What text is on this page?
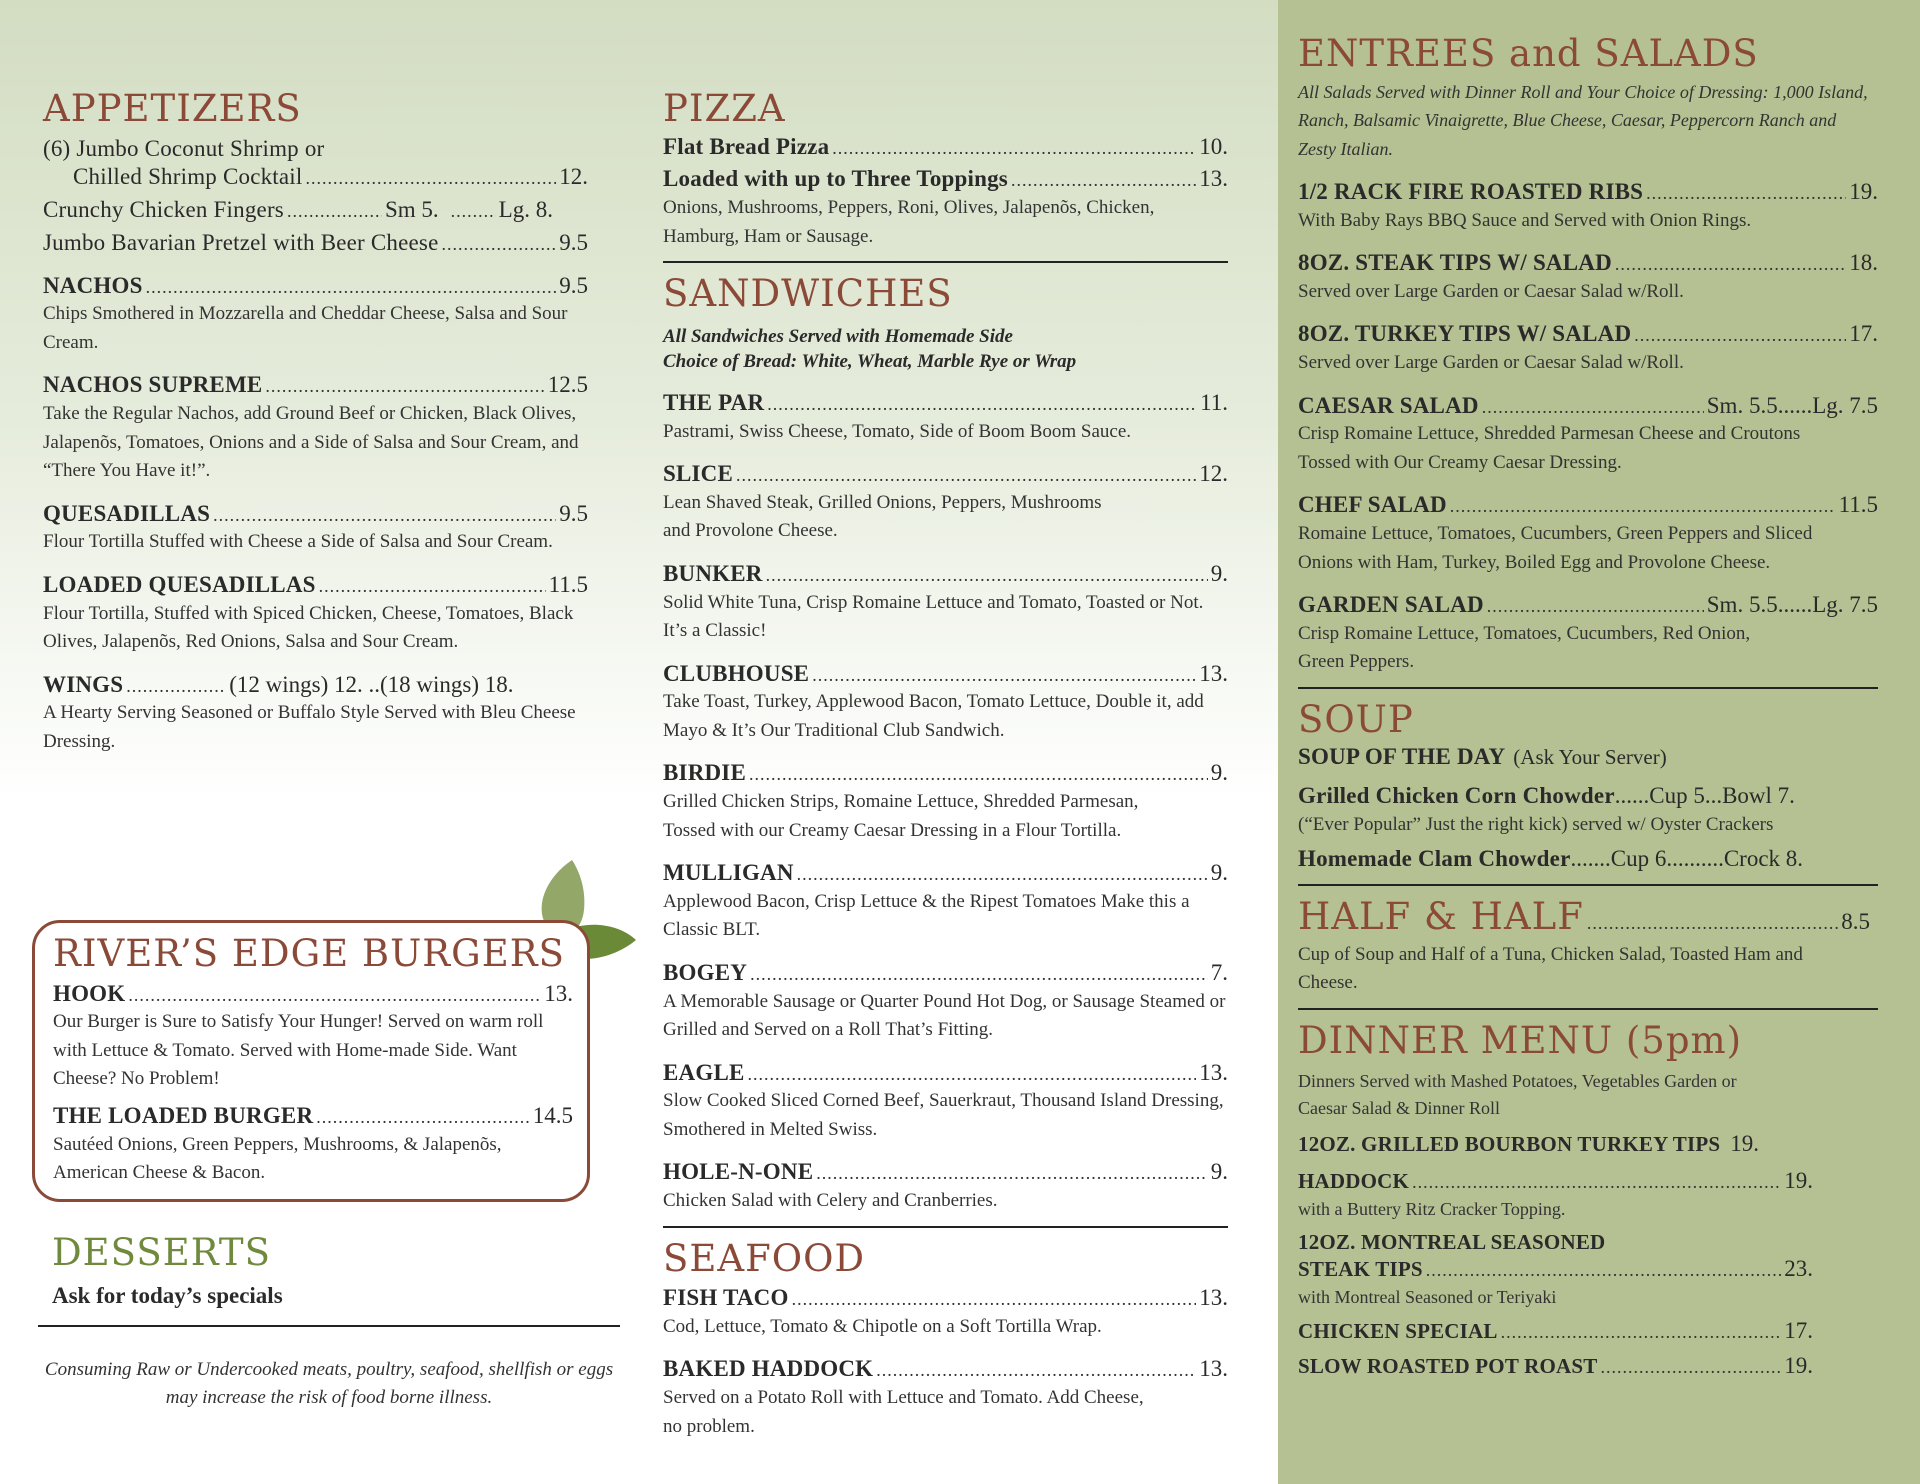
APPETIZERS
(6) Jumbo Coconut Shrimp or
Chilled Shrimp Cocktail .....	12.
Crunchy Chicken Fingers .....	Sm 5. .....	Lg. 8.
Jumbo Bavarian Pretzel with Beer Cheese .....	9.5
NACHOS .....	9.5
Chips Smothered in Mozzarella and Cheddar Cheese, Salsa and Sour Cream.
NACHOS SUPREME .....	12.5
Take the Regular Nachos, add Ground Beef or Chicken, Black Olives, Jalapenõs, Tomatoes, Onions and a Side of Salsa and Sour Cream, and “There You Have it!”.
QUESADILLAS .....	9.5
Flour Tortilla Stuffed with Cheese a Side of Salsa and Sour Cream.
LOADED QUESADILLAS .....	11.5
Flour Tortilla, Stuffed with Spiced Chicken, Cheese, Tomatoes, Black Olives, Jalapenõs, Red Onions, Salsa and Sour Cream.
WINGS .....	(12 wings) 12. ..(18 wings) 18.
A Hearty Serving Seasoned or Buffalo Style Served with Bleu Cheese Dressing.
RIVER’S EDGE BURGERS
HOOK .....	13.
Our Burger is Sure to Satisfy Your Hunger! Served on warm roll with Lettuce & Tomato. Served with Home-made Side. Want Cheese? No Problem!
THE LOADED BURGER .....	14.5
Sautéed Onions, Green Peppers, Mushrooms, & Jalapenõs, American Cheese & Bacon.
DESSERTS
Ask for today’s specials
Consuming Raw or Undercooked meats, poultry, seafood, shellfish or eggs may increase the risk of food borne illness.
PIZZA
Flat Bread Pizza .....	10.
Loaded with up to Three Toppings .....	13.
Onions, Mushrooms, Peppers, Roni, Olives, Jalapenõs, Chicken, Hamburg, Ham or Sausage.
SANDWICHES
All Sandwiches Served with Homemade Side
Choice of Bread: White, Wheat, Marble Rye or Wrap
THE PAR .....	11.
Pastrami, Swiss Cheese, Tomato, Side of Boom Boom Sauce.
SLICE .....	12.
Lean Shaved Steak, Grilled Onions, Peppers, Mushrooms and Provolone Cheese.
BUNKER .....	9.
Solid White Tuna, Crisp Romaine Lettuce and Tomato, Toasted or Not. It’s a Classic!
CLUBHOUSE .....	13.
Take Toast, Turkey, Applewood Bacon, Tomato Lettuce, Double it, add Mayo & It’s Our Traditional Club Sandwich.
BIRDIE .....	9.
Grilled Chicken Strips, Romaine Lettuce, Shredded Parmesan, Tossed with our Creamy Caesar Dressing in a Flour Tortilla.
MULLIGAN .....	9.
Applewood Bacon, Crisp Lettuce & the Ripest Tomatoes Make this a Classic BLT.
BOGEY .....	7.
A Memorable Sausage or Quarter Pound Hot Dog, or Sausage Steamed or Grilled and Served on a Roll That’s Fitting.
EAGLE .....	13.
Slow Cooked Sliced Corned Beef, Sauerkraut, Thousand Island Dressing, Smothered in Melted Swiss.
HOLE-N-ONE .....	9.
Chicken Salad with Celery and Cranberries.
SEAFOOD
FISH TACO .....	13.
Cod, Lettuce, Tomato & Chipotle on a Soft Tortilla Wrap.
BAKED HADDOCK .....	13.
Served on a Potato Roll with Lettuce and Tomato. Add Cheese, no problem.
ENTREES and SALADS
All Salads Served with Dinner Roll and Your Choice of Dressing: 1,000 Island, Ranch, Balsamic Vinaigrette, Blue Cheese, Caesar, Peppercorn Ranch and Zesty Italian.
1/2 RACK FIRE ROASTED RIBS .....	19.
With Baby Rays BBQ Sauce and Served with Onion Rings.
8OZ. STEAK TIPS W/ SALAD .....	18.
Served over Large Garden or Caesar Salad w/Roll.
8OZ. TURKEY TIPS W/ SALAD .....	17.
Served over Large Garden or Caesar Salad w/Roll.
CAESAR SALAD .....	Sm. 5.5......Lg. 7.5
Crisp Romaine Lettuce, Shredded Parmesan Cheese and Croutons Tossed with Our Creamy Caesar Dressing.
CHEF SALAD .....	11.5
Romaine Lettuce, Tomatoes, Cucumbers, Green Peppers and Sliced Onions with Ham, Turkey, Boiled Egg and Provolone Cheese.
GARDEN SALAD .....	Sm. 5.5......Lg. 7.5
Crisp Romaine Lettuce, Tomatoes, Cucumbers, Red Onion, Green Peppers.
SOUP
SOUP OF THE DAY (Ask Your Server)
Grilled Chicken Corn Chowder ......Cup 5...Bowl 7.
(“Ever Popular” Just the right kick) served w/ Oyster Crackers
Homemade Clam Chowder .......Cup 6..........Crock 8.
HALF & HALF .....	8.5
Cup of Soup and Half of a Tuna, Chicken Salad, Toasted Ham and Cheese.
DINNER MENU (5pm)
Dinners Served with Mashed Potatoes, Vegetables Garden or Caesar Salad & Dinner Roll
12OZ. GRILLED BOURBON TURKEY TIPS 19.
HADDOCK .....	19.
with a Buttery Ritz Cracker Topping.
12OZ. MONTREAL SEASONED
STEAK TIPS .....	23.
with Montreal Seasoned or Teriyaki
CHICKEN SPECIAL .....	17.
SLOW ROASTED POT ROAST .....	19.
